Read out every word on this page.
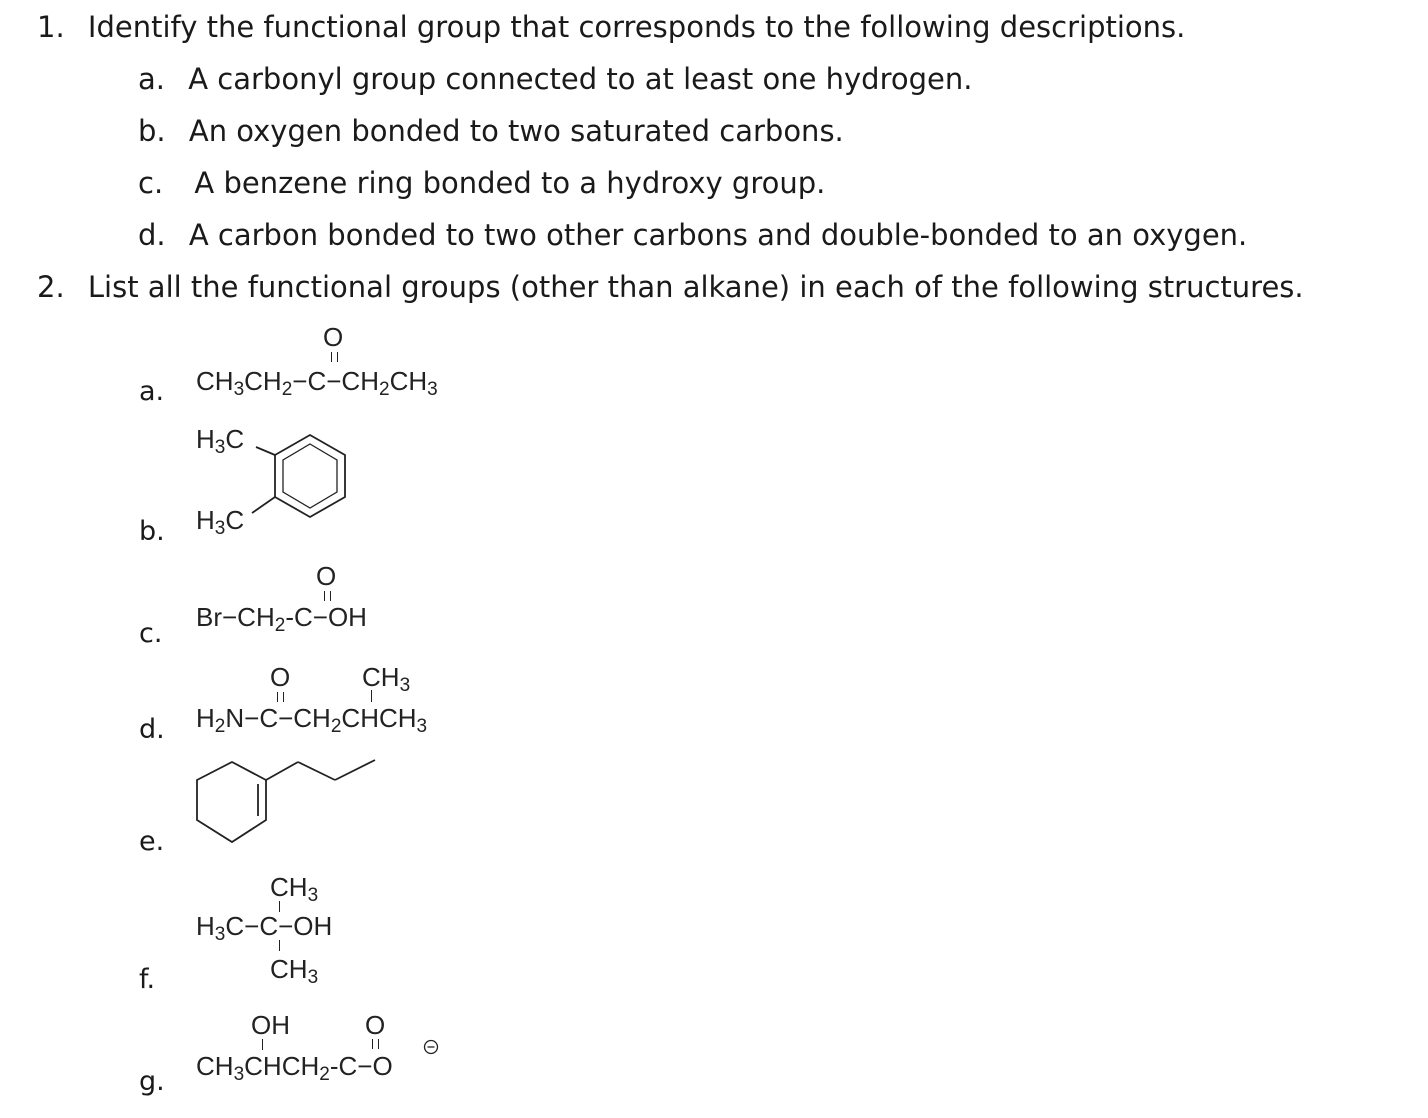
1. Identify the functional group that corresponds to the following descriptions.
a. A carbonyl group connected to at least one hydrogen.
b. An oxygen bonded to two saturated carbons.
c. A benzene ring bonded to a hydroxy group.
d. A carbon bonded to two other carbons and double-bonded to an oxygen.
2. List all the functional groups (other than alkane) in each of the following structures.
a.
b.
c.
d.
e.
f.
g.
O
$CH_3CH_2-C-CH_2CH_3$
$H_3C$
$H_3C$
O
$Br-CH_2-C-OH$
O	$CH_3$
$H_2N-C-CH_2CHCH_3$
$CH_3$
$H_3C-C-OH$
$CH_3$
OH	O
$CH_3CHCH_2-C-O$
